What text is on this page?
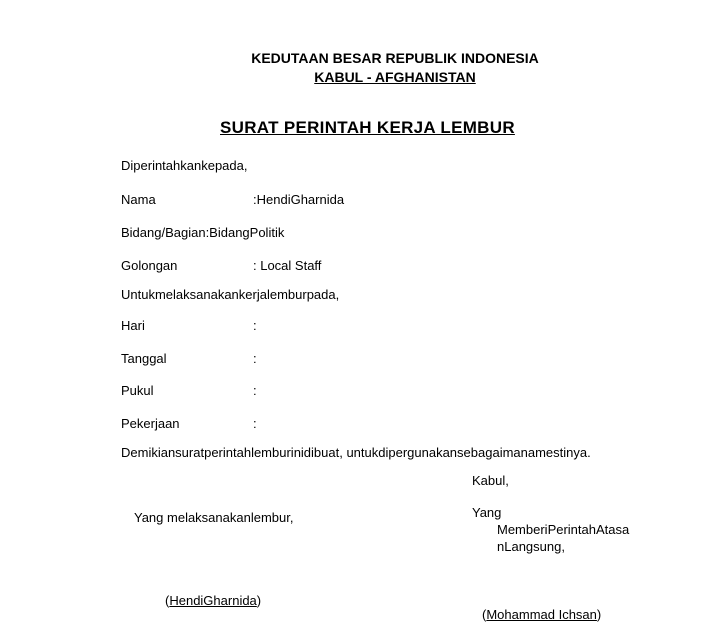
KEDUTAAN BESAR REPUBLIK INDONESIA
KABUL - AFGHANISTAN
SURAT PERINTAH KERJA LEMBUR
Diperintahkankepada,
Nama	:HendiGharnida
Bidang/Bagian:BidangPolitik
Golongan	: Local Staff
Untukmelaksanakankerjalemburpada,
Hari	:
Tanggal	:
Pukul	:
Pekerjaan	:
Demikiansuratperintahlemburinidibuat, untukdipergunakansebagaimanamestinya.
Kabul,
Yang
MemberiPerintahAtasa
nLangsung,
Yang melaksanakanlembur,
(HendiGharnida)
(Mohammad Ichsan)
